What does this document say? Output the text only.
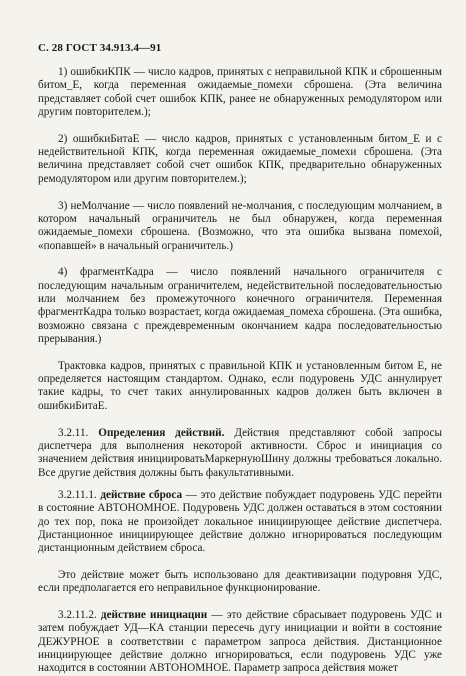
С. 28 ГОСТ 34.913.4—91

1) ошибкиКПК — число кадров, принятых с неправильной КПК и сброшенным битом_E, когда переменная ожидаемые_помехи сброшена. (Эта величина представляет собой счет ошибок КПК, ранее не обнаруженных ремодулятором или другим повторителем.);

2) ошибкиБитаЕ — число кадров, принятых с установленным битом_E и с недействительной КПК, когда переменная ожидаемые_помехи сброшена. (Эта величина представляет собой счет ошибок КПК, предварительно обнаруженных ремодулятором или другим повторителем.);

3) неМолчание — число появлений не-молчания, с последующим молчанием, в котором начальный ограничитель не был обнаружен, когда переменная ожидаемые_помехи сброшена. (Возможно, что эта ошибка вызвана помехой, «попавшей» в начальный ограничитель.)

4) фрагментКадра — число появлений начального ограничителя с последующим начальным ограничителем, недействительной последовательностью или молчанием без промежуточного конечного ограничителя. Переменная фрагментКадра только возрастает, когда ожидаемая_помеха сброшена. (Эта ошибка, возможно связана с преждевременным окончанием кадра последовательностью прерывания.)

Трактовка кадров, принятых с правильной КПК и установленным битом Е, не определяется настоящим стандартом. Однако, если подуровень УДС аннулирует такие кадры, то счет таких аннулированных кадров должен быть включен в ошибкиБитаЕ.

3.2.11. Определения действий. Действия представляют собой запросы диспетчера для выполнения некоторой активности. Сброс и инициация со значением действия инициироватьМаркернуюШину должны требоваться локально. Все другие действия должны быть факультативными.

3.2.11.1. действие сброса — это действие побуждает подуровень УДС перейти в состояние АВТОНОМНОЕ. Подуровень УДС должен оставаться в этом состоянии до тех пор, пока не произойдет локальное инициирующее действие диспетчера. Дистанционное инициирующее действие должно игнорироваться последующим дистанционным действием сброса.

Это действие может быть использовано для деактивизации подуровня УДС, если предполагается его неправильное функционирование.

3.2.11.2. действие инициации — это действие сбрасывает подуровень УДС и затем побуждает УД—КА станции пересечь дугу инициации и войти в состояние ДЕЖУРНОЕ в соответствии с параметром запроса действия. Дистанционное инициирующее действие должно игнорироваться, если подуровень УДС уже находится в состоянии АВТОНОМНОЕ. Параметр запроса действия может
